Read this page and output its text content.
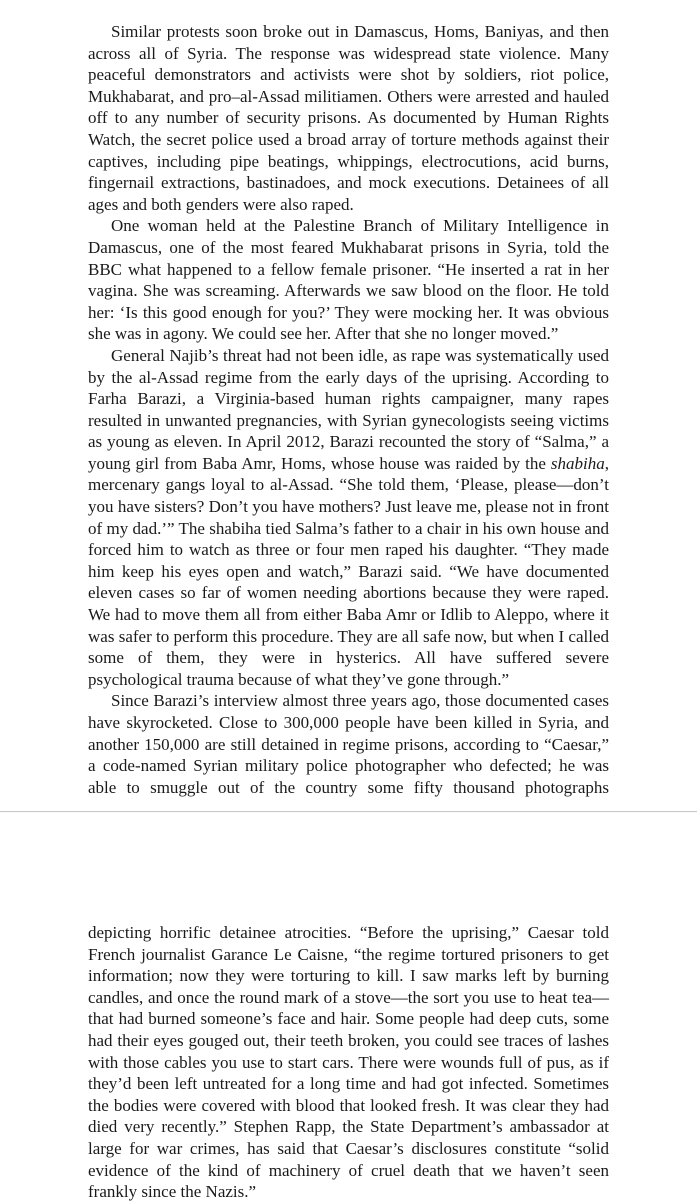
Similar protests soon broke out in Damascus, Homs, Baniyas, and then across all of Syria. The response was widespread state violence. Many peaceful demonstrators and activists were shot by soldiers, riot police, Mukhabarat, and pro–al-Assad militiamen. Others were arrested and hauled off to any number of security prisons. As documented by Human Rights Watch, the secret police used a broad array of torture methods against their captives, including pipe beatings, whippings, electrocutions, acid burns, fingernail extractions, bastinadoes, and mock executions. Detainees of all ages and both genders were also raped.

One woman held at the Palestine Branch of Military Intelligence in Damascus, one of the most feared Mukhabarat prisons in Syria, told the BBC what happened to a fellow female prisoner. “He inserted a rat in her vagina. She was screaming. Afterwards we saw blood on the floor. He told her: ‘Is this good enough for you?’ They were mocking her. It was obvious she was in agony. We could see her. After that she no longer moved.”

General Najib’s threat had not been idle, as rape was systematically used by the al-Assad regime from the early days of the uprising. According to Farha Barazi, a Virginia-based human rights campaigner, many rapes resulted in unwanted pregnancies, with Syrian gynecologists seeing victims as young as eleven. In April 2012, Barazi recounted the story of “Salma,” a young girl from Baba Amr, Homs, whose house was raided by the shabiha, mercenary gangs loyal to al-Assad. “She told them, ‘Please, please—don’t you have sisters? Don’t you have mothers? Just leave me, please not in front of my dad.’” The shabiha tied Salma’s father to a chair in his own house and forced him to watch as three or four men raped his daughter. “They made him keep his eyes open and watch,” Barazi said. “We have documented eleven cases so far of women needing abortions because they were raped. We had to move them all from either Baba Amr or Idlib to Aleppo, where it was safer to perform this procedure. They are all safe now, but when I called some of them, they were in hysterics. All have suffered severe psychological trauma because of what they’ve gone through.”

Since Barazi’s interview almost three years ago, those documented cases have skyrocketed. Close to 300,000 people have been killed in Syria, and another 150,000 are still detained in regime prisons, according to “Caesar,” a code-named Syrian military police photographer who defected; he was able to smuggle out of the country some fifty thousand photographs

depicting horrific detainee atrocities. “Before the uprising,” Caesar told French journalist Garance Le Caisne, “the regime tortured prisoners to get information; now they were torturing to kill. I saw marks left by burning candles, and once the round mark of a stove—the sort you use to heat tea—that had burned someone’s face and hair. Some people had deep cuts, some had their eyes gouged out, their teeth broken, you could see traces of lashes with those cables you use to start cars. There were wounds full of pus, as if they’d been left untreated for a long time and had got infected. Sometimes the bodies were covered with blood that looked fresh. It was clear they had died very recently.” Stephen Rapp, the State Department’s ambassador at large for war crimes, has said that Caesar’s disclosures constitute “solid evidence of the kind of machinery of cruel death that we haven’t seen frankly since the Nazis.”
